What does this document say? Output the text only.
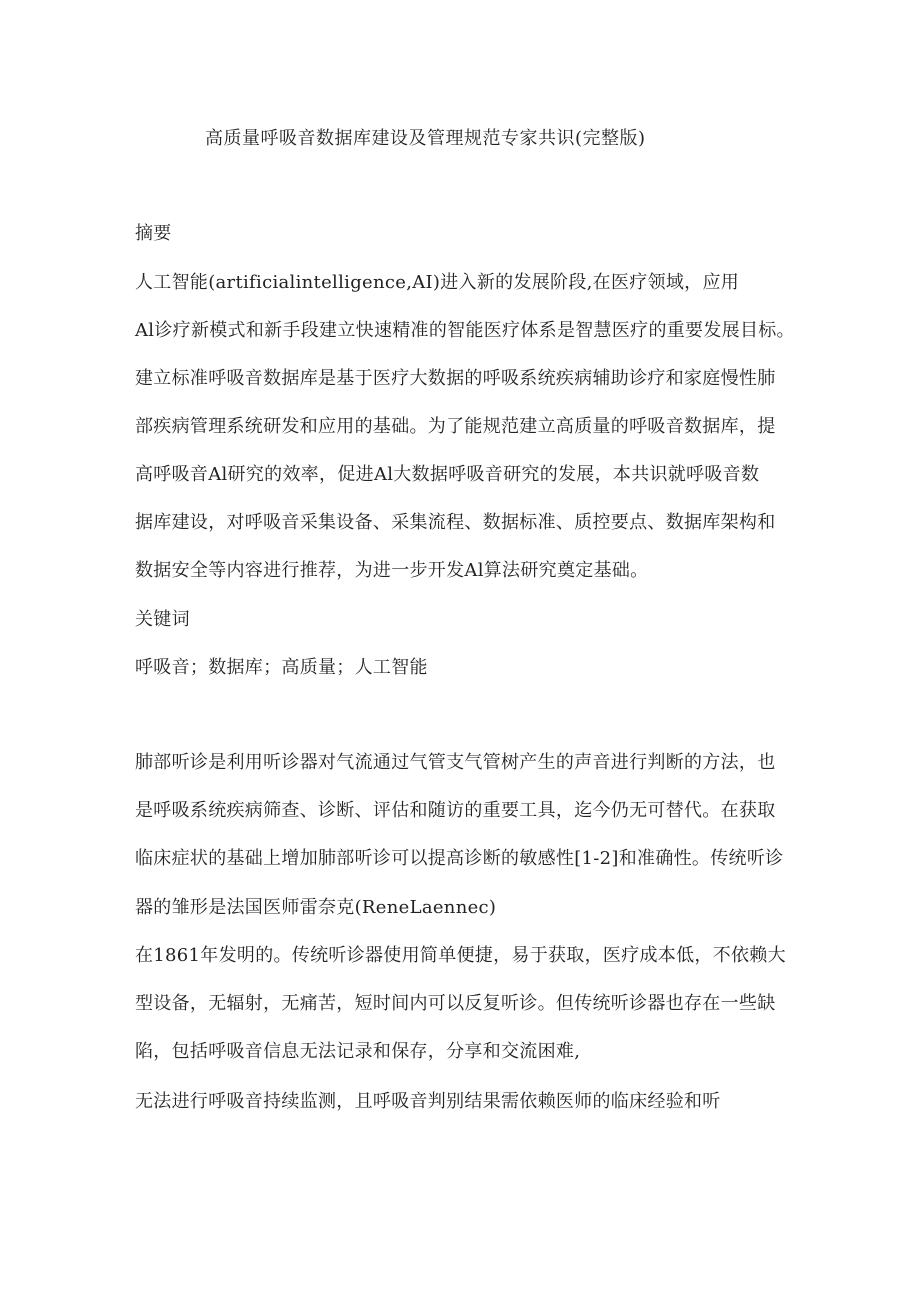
高质量呼吸音数据库建设及管理规范专家共识(完整版)
摘要
人工智能(artificialintelligence,AI)进入新的发展阶段,在医疗领域，应用
Al诊疗新模式和新手段建立快速精准的智能医疗体系是智慧医疗的重要发展目标。
建立标准呼吸音数据库是基于医疗大数据的呼吸系统疾病辅助诊疗和家庭慢性肺
部疾病管理系统研发和应用的基础。为了能规范建立高质量的呼吸音数据库，提
高呼吸音Al研究的效率，促进Al大数据呼吸音研究的发展，本共识就呼吸音数
据库建设，对呼吸音采集设备、采集流程、数据标准、质控要点、数据库架构和
数据安全等内容进行推荐，为进一步开发Al算法研究奠定基础。
关键词
呼吸音；数据库；高质量；人工智能
肺部听诊是利用听诊器对气流通过气管支气管树产生的声音进行判断的方法，也
是呼吸系统疾病筛查、诊断、评估和随访的重要工具，迄今仍无可替代。在获取
临床症状的基础上增加肺部听诊可以提高诊断的敏感性[1-2]和准确性。传统听诊
器的雏形是法国医师雷奈克(ReneLaennec)
在1861年发明的。传统听诊器使用简单便捷，易于获取，医疗成本低，不依赖大
型设备，无辐射，无痛苦，短时间内可以反复听诊。但传统听诊器也存在一些缺
陷，包括呼吸音信息无法记录和保存，分享和交流困难,
无法进行呼吸音持续监测，且呼吸音判别结果需依赖医师的临床经验和听
